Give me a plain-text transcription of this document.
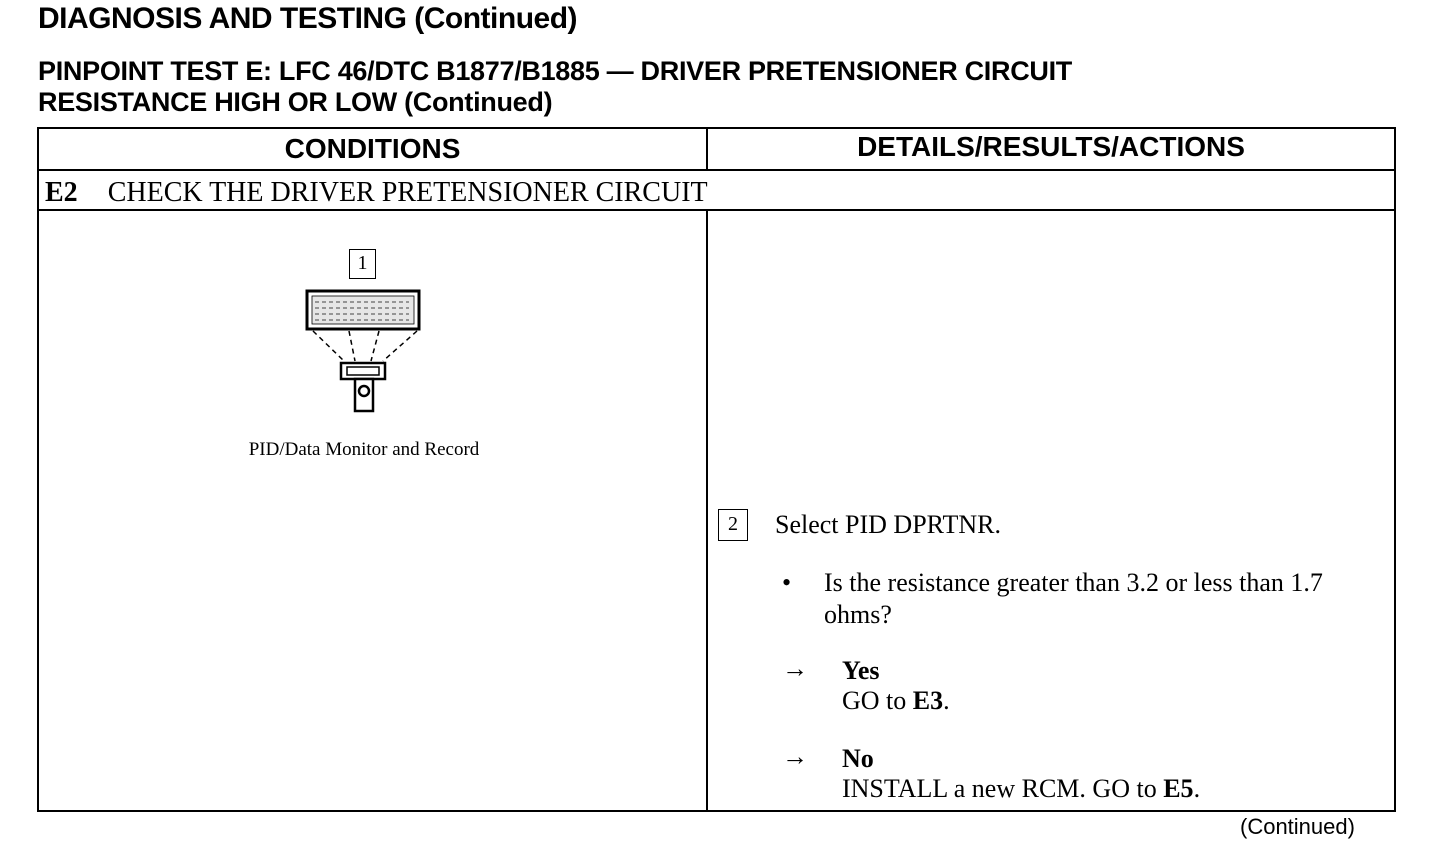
DIAGNOSIS AND TESTING (Continued)
PINPOINT TEST E: LFC 46/DTC B1877/B1885 — DRIVER PRETENSIONER CIRCUIT
RESISTANCE HIGH OR LOW (Continued)
CONDITIONS	DETAILS/RESULTS/ACTIONS
E2 CHECK THE DRIVER PRETENSIONER CIRCUIT
1
PID/Data Monitor and Record
2	Select PID DPRTNR.
• Is the resistance greater than 3.2 or less than 1.7 ohms?
→ Yes
GO to E3.
→ No
INSTALL a new RCM. GO to E5.
(Continued)
